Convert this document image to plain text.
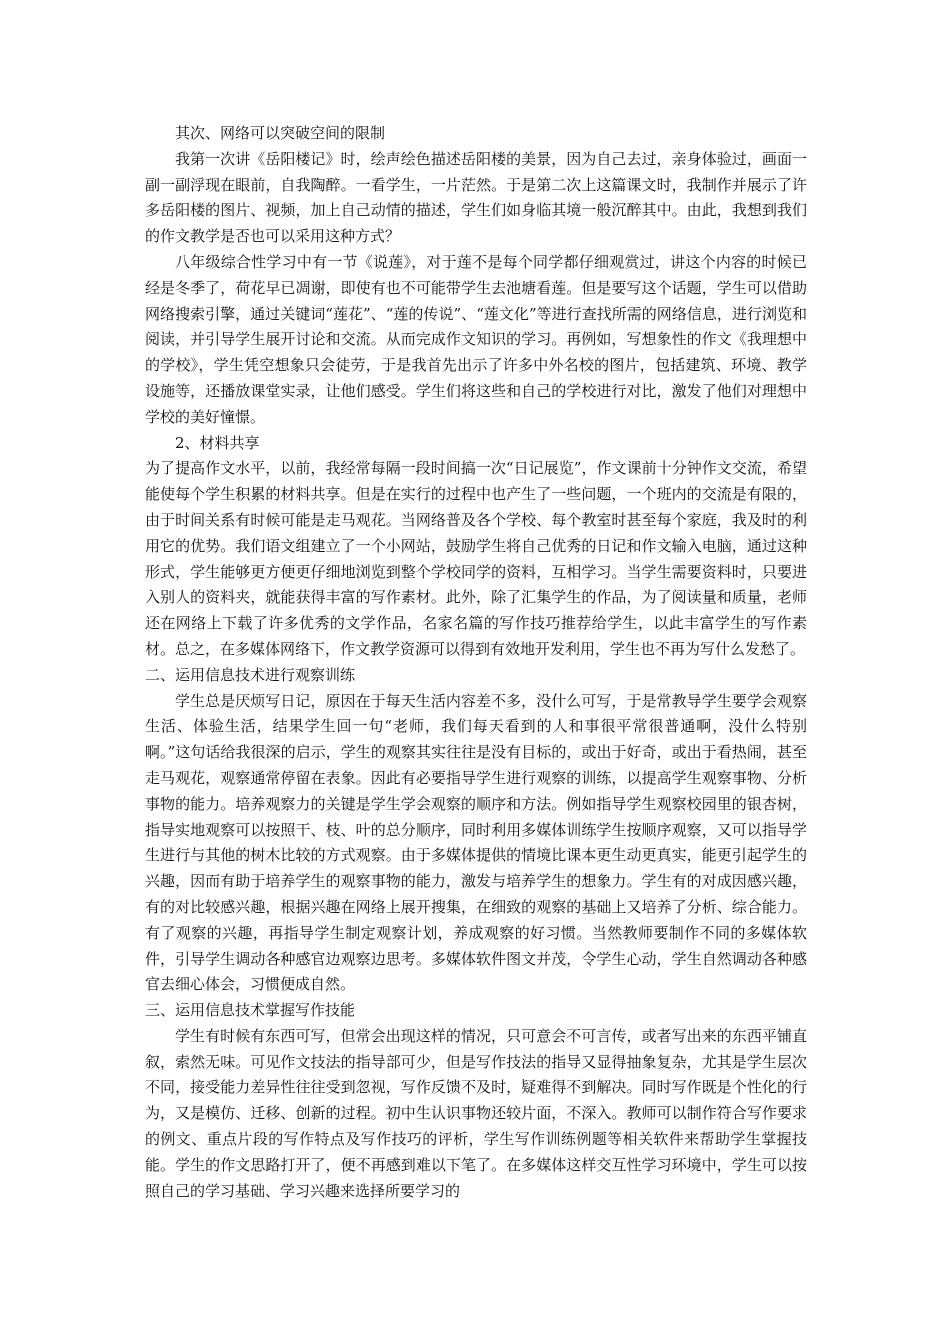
其次、网络可以突破空间的限制

我第一次讲《岳阳楼记》时，绘声绘色描述岳阳楼的美景，因为自己去过，亲身体验过，画面一副一副浮现在眼前，自我陶醉。一看学生，一片茫然。于是第二次上这篇课文时，我制作并展示了许多岳阳楼的图片、视频，加上自己动情的描述，学生们如身临其境一般沉醉其中。由此，我想到我们的作文教学是否也可以采用这种方式？

八年级综合性学习中有一节《说莲》，对于莲不是每个同学都仔细观赏过，讲这个内容的时候已经是冬季了，荷花早已凋谢，即使有也不可能带学生去池塘看莲。但是要写这个话题，学生可以借助网络搜索引擎，通过关键词“莲花”、“莲的传说”、“莲文化”等进行查找所需的网络信息，进行浏览和阅读，并引导学生展开讨论和交流。从而完成作文知识的学习。再例如，写想象性的作文《我理想中的学校》，学生凭空想象只会徒劳，于是我首先出示了许多中外名校的图片，包括建筑、环境、教学设施等，还播放课堂实录，让他们感受。学生们将这些和自己的学校进行对比，激发了他们对理想中学校的美好憧憬。

2、材料共享

为了提高作文水平，以前，我经常每隔一段时间搞一次“日记展览”，作文课前十分钟作文交流，希望能使每个学生积累的材料共享。但是在实行的过程中也产生了一些问题，一个班内的交流是有限的，由于时间关系有时候可能是走马观花。当网络普及各个学校、每个教室时甚至每个家庭，我及时的利用它的优势。我们语文组建立了一个小网站，鼓励学生将自己优秀的日记和作文输入电脑，通过这种形式，学生能够更方便更仔细地浏览到整个学校同学的资料，互相学习。当学生需要资料时，只要进入别人的资料夹，就能获得丰富的写作素材。此外，除了汇集学生的作品，为了阅读量和质量，老师还在网络上下载了许多优秀的文学作品，名家名篇的写作技巧推荐给学生，以此丰富学生的写作素材。总之，在多媒体网络下，作文教学资源可以得到有效地开发利用，学生也不再为写什么发愁了。

二、运用信息技术进行观察训练

学生总是厌烦写日记，原因在于每天生活内容差不多，没什么可写，于是常教导学生要学会观察生活、体验生活，结果学生回一句“老师，我们每天看到的人和事很平常很普通啊，没什么特别啊。”这句话给我很深的启示，学生的观察其实往往是没有目标的，或出于好奇，或出于看热闹，甚至走马观花，观察通常停留在表象。因此有必要指导学生进行观察的训练，以提高学生观察事物、分析事物的能力。培养观察力的关键是学生学会观察的顺序和方法。例如指导学生观察校园里的银杏树，指导实地观察可以按照干、枝、叶的总分顺序，同时利用多媒体训练学生按顺序观察，又可以指导学生进行与其他的树木比较的方式观察。由于多媒体提供的情境比课本更生动更真实，能更引起学生的兴趣，因而有助于培养学生的观察事物的能力，激发与培养学生的想象力。学生有的对成因感兴趣，有的对比较感兴趣，根据兴趣在网络上展开搜集，在细致的观察的基础上又培养了分析、综合能力。有了观察的兴趣，再指导学生制定观察计划，养成观察的好习惯。当然教师要制作不同的多媒体软件，引导学生调动各种感官边观察边思考。多媒体软件图文并茂，令学生心动，学生自然调动各种感官去细心体会，习惯便成自然。

三、运用信息技术掌握写作技能

学生有时候有东西可写，但常会出现这样的情况，只可意会不可言传，或者写出来的东西平铺直叙，索然无味。可见作文技法的指导部可少，但是写作技法的指导又显得抽象复杂，尤其是学生层次不同，接受能力差异性往往受到忽视，写作反馈不及时，疑难得不到解决。同时写作既是个性化的行为，又是模仿、迁移、创新的过程。初中生认识事物还较片面，不深入。教师可以制作符合写作要求的例文、重点片段的写作特点及写作技巧的评析，学生写作训练例题等相关软件来帮助学生掌握技能。学生的作文思路打开了，便不再感到难以下笔了。在多媒体这样交互性学习环境中，学生可以按照自己的学习基础、学习兴趣来选择所要学习的
